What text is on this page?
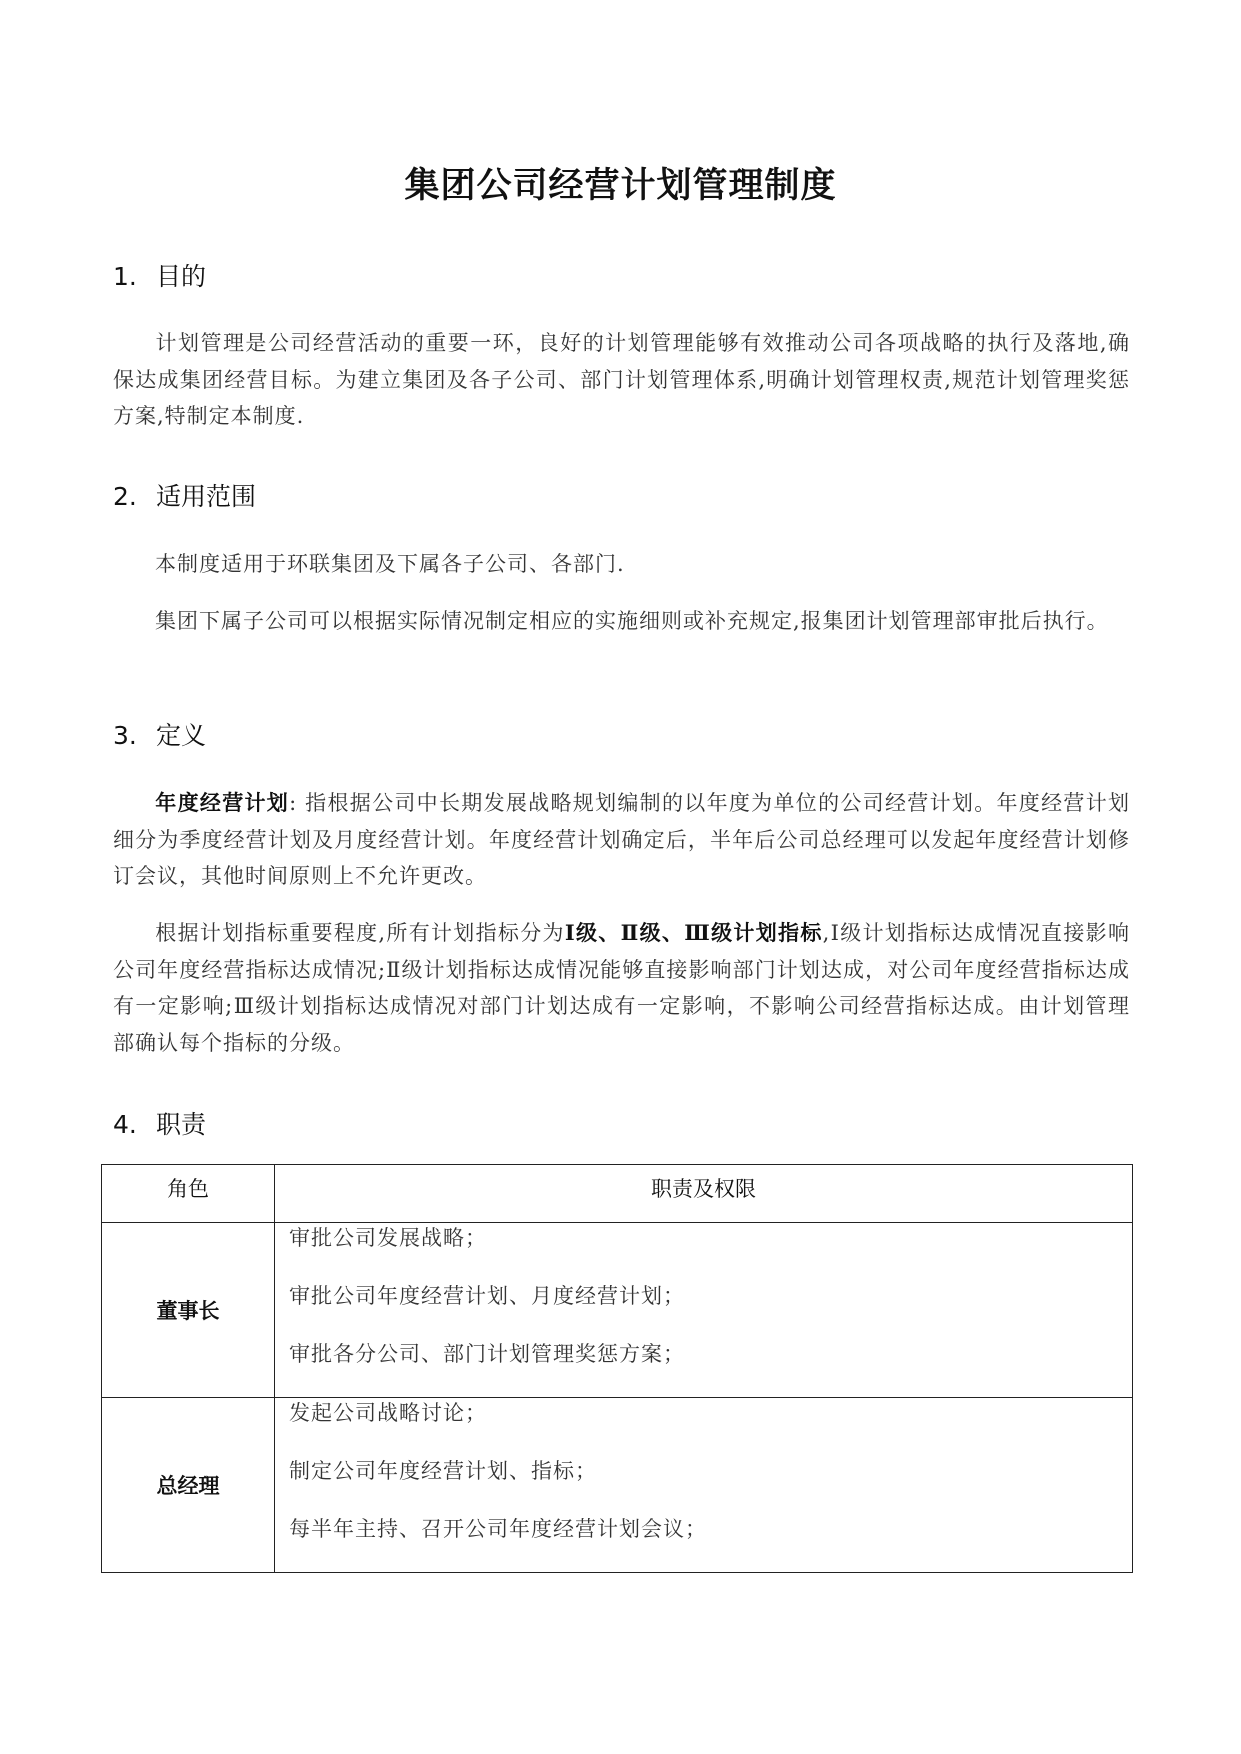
集团公司经营计划管理制度
1. 目的
计划管理是公司经营活动的重要一环，良好的计划管理能够有效推动公司各项战略的执行及落地,确保达成集团经营目标。为建立集团及各子公司、部门计划管理体系,明确计划管理权责,规范计划管理奖惩方案,特制定本制度.
2. 适用范围
本制度适用于环联集团及下属各子公司、各部门.
集团下属子公司可以根据实际情况制定相应的实施细则或补充规定,报集团计划管理部审批后执行。
3. 定义
年度经营计划: 指根据公司中长期发展战略规划编制的以年度为单位的公司经营计划。年度经营计划细分为季度经营计划及月度经营计划。年度经营计划确定后，半年后公司总经理可以发起年度经营计划修订会议，其他时间原则上不允许更改。
根据计划指标重要程度,所有计划指标分为Ⅰ级、Ⅱ级、Ⅲ级计划指标,Ⅰ级计划指标达成情况直接影响公司年度经营指标达成情况;Ⅱ级计划指标达成情况能够直接影响部门计划达成，对公司年度经营指标达成有一定影响;Ⅲ级计划指标达成情况对部门计划达成有一定影响，不影响公司经营指标达成。由计划管理部确认每个指标的分级。
4. 职责
角色	职责及权限
董事长	审批公司发展战略；
审批公司年度经营计划、月度经营计划；
审批各分公司、部门计划管理奖惩方案；

总经理	发起公司战略讨论；
制定公司年度经营计划、指标；
每半年主持、召开公司年度经营计划会议；
